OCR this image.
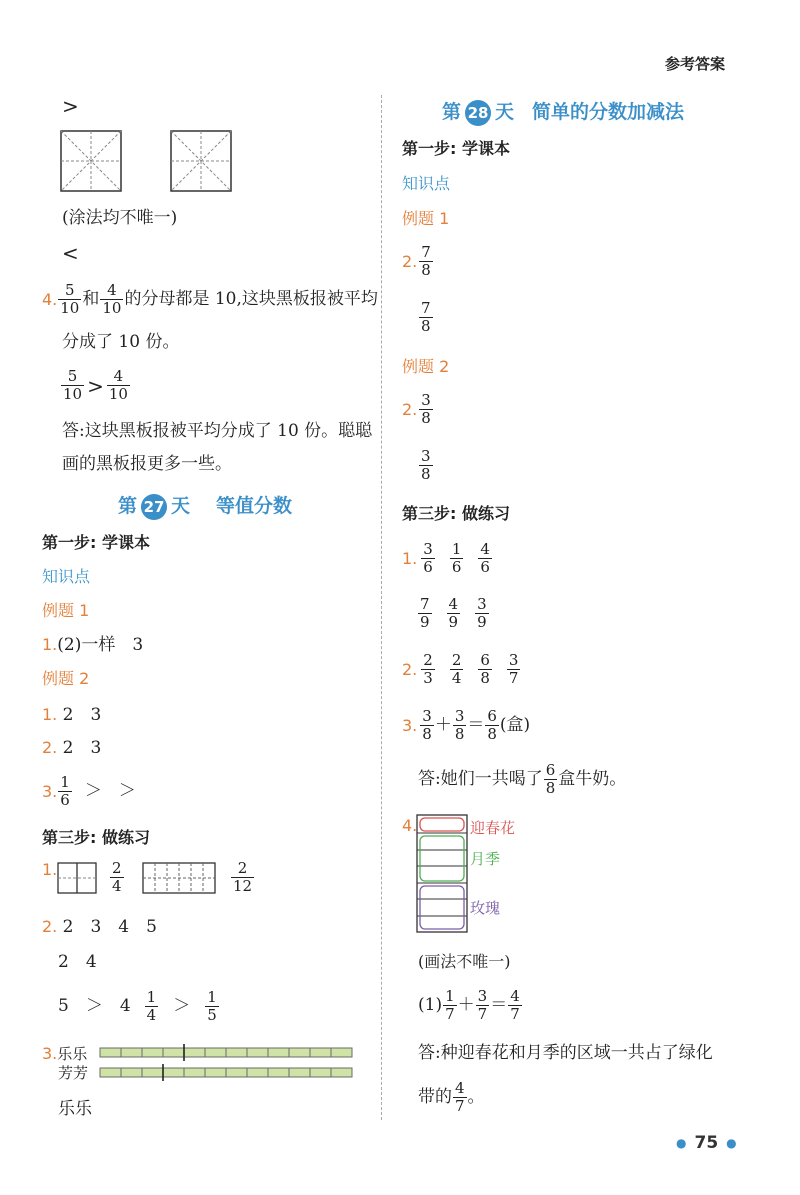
参考答案
>
(涂法均不唯一)
<
4. $\frac{5}{10}$ 和 $\frac{4}{10}$ 的分母都是 10,这块黑板报被平均
分成了 10 份。
$\frac{5}{10} > \frac{4}{10}$
答:这块黑板报被平均分成了 10 份。聪聪
画的黑板报更多一些。
第 27 天 等值分数
第一步: 学课本
知识点
例题 1
1.(2)一样　3
例题 2
1. 2　3
2. 2　3
3. $\frac{1}{6}$ ＞　＞
第三步: 做练习
1.	$\frac{2}{4}$	$\frac{2}{12}$
2. 2　3　4　5
2　4
5　＞　$4 \frac{1}{4} > \frac{1}{5}$
3.乐乐
芳芳
乐乐
第 28 天 简单的分数加减法
第一步: 学课本
知识点
例题 1
2. $\frac{7}{8}$
$\frac{7}{8}$
例题 2
2. $\frac{3}{8}$
$\frac{3}{8}$
第三步: 做练习
1. $\frac{3}{6} \frac{1}{6} \frac{4}{6}$
$\frac{7}{9} \frac{4}{9} \frac{3}{9}$
2. $\frac{2}{3} \frac{2}{4} \frac{6}{8} \frac{3}{7}$
3. $\frac{3}{8} + \frac{3}{8} = \frac{6}{8}$ (盒)
答:她们一共喝了 $\frac{6}{8}$ 盒牛奶。
4.	迎春花
月季
玫瑰
(画法不唯一)
$(1) \frac{1}{7} + \frac{3}{7} = \frac{4}{7}$
答:种迎春花和月季的区域一共占了绿化
带的 $\frac{4}{7}$ 。
● 75 ●
